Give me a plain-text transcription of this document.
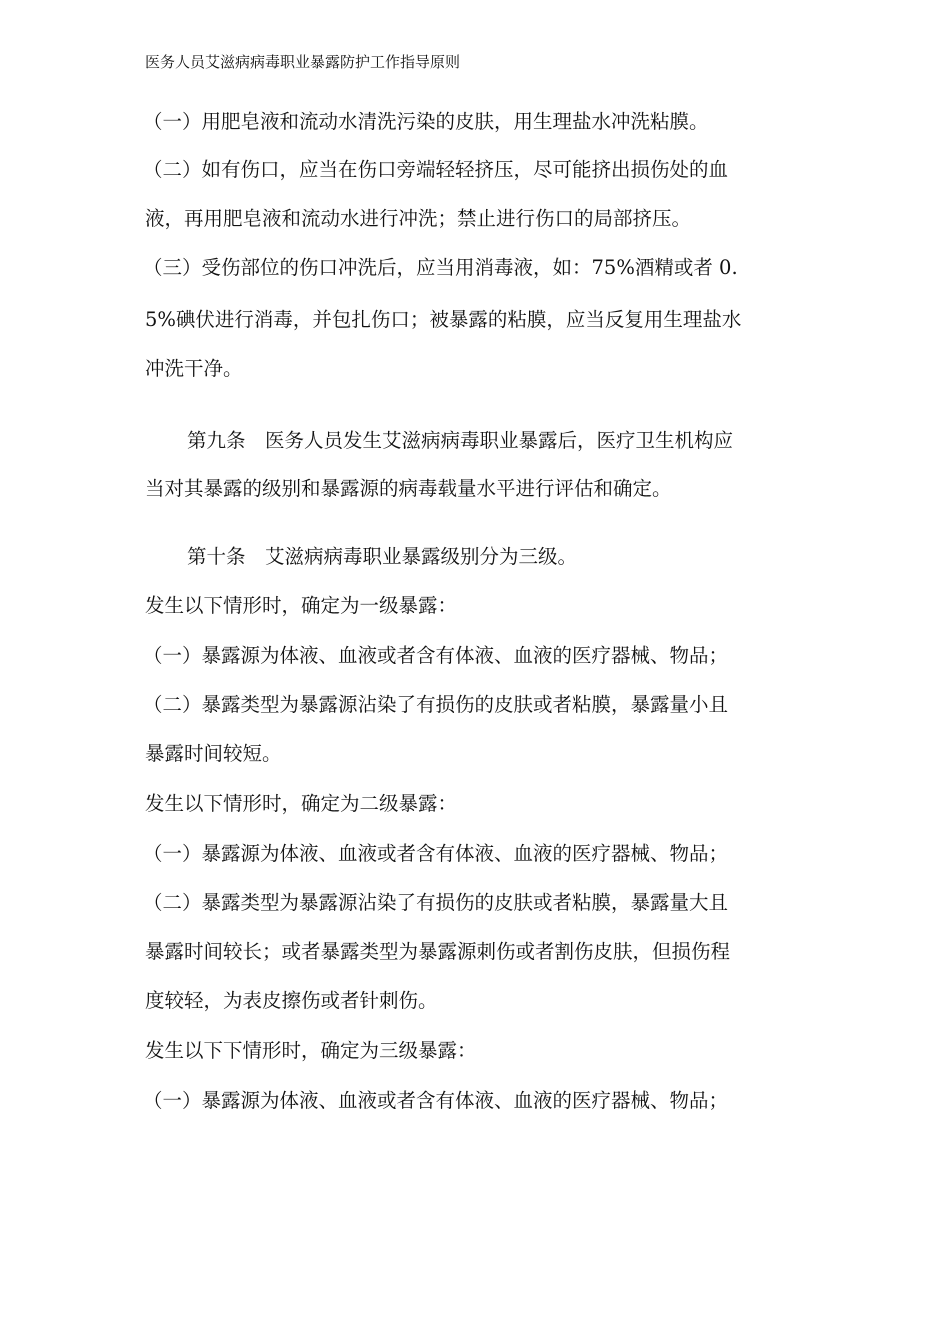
医务人员艾滋病病毒职业暴露防护工作指导原则
（一）用肥皂液和流动水清洗污染的皮肤，用生理盐水冲洗粘膜。
（二）如有伤口，应当在伤口旁端轻轻挤压，尽可能挤出损伤处的血
液，再用肥皂液和流动水进行冲洗；禁止进行伤口的局部挤压。
（三）受伤部位的伤口冲洗后，应当用消毒液，如：75%酒精或者 0.
5%碘伏进行消毒，并包扎伤口；被暴露的粘膜，应当反复用生理盐水
冲洗干净。
第九条　医务人员发生艾滋病病毒职业暴露后，医疗卫生机构应
当对其暴露的级别和暴露源的病毒载量水平进行评估和确定。
第十条　艾滋病病毒职业暴露级别分为三级。
发生以下情形时，确定为一级暴露：
（一）暴露源为体液、血液或者含有体液、血液的医疗器械、物品；
（二）暴露类型为暴露源沾染了有损伤的皮肤或者粘膜，暴露量小且
暴露时间较短。
发生以下情形时，确定为二级暴露：
（一）暴露源为体液、血液或者含有体液、血液的医疗器械、物品；
（二）暴露类型为暴露源沾染了有损伤的皮肤或者粘膜，暴露量大且
暴露时间较长；或者暴露类型为暴露源刺伤或者割伤皮肤，但损伤程
度较轻，为表皮擦伤或者针刺伤。
发生以下下情形时，确定为三级暴露：
（一）暴露源为体液、血液或者含有体液、血液的医疗器械、物品；
